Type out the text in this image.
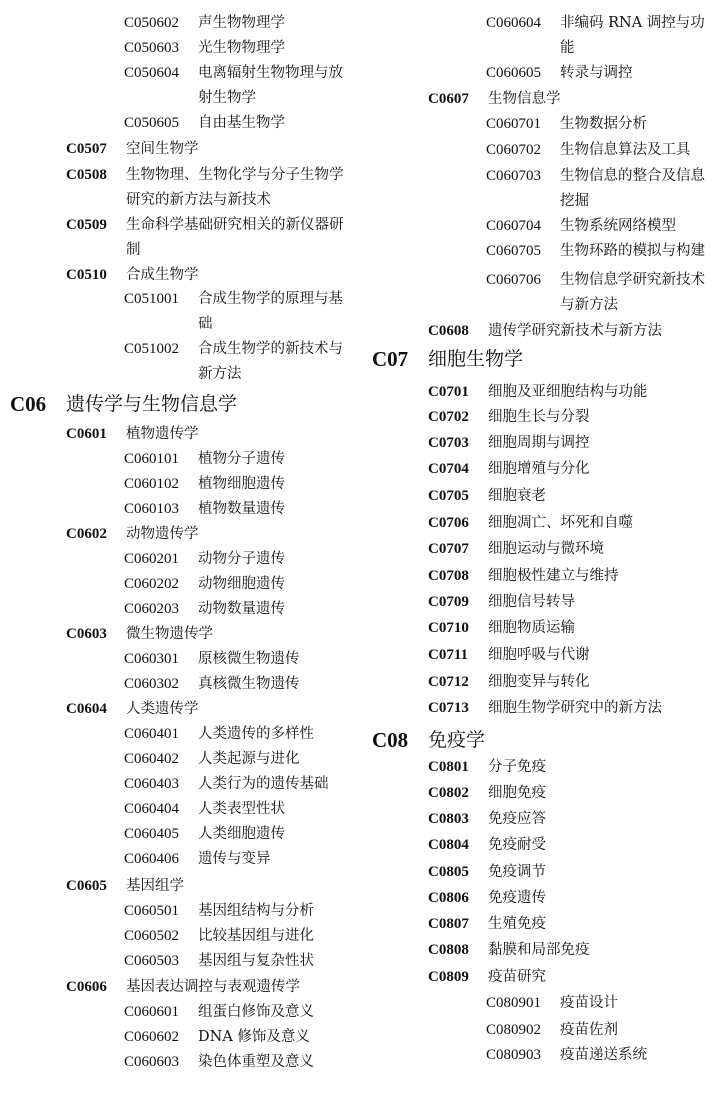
C050602 声生物物理学
C050603 光生物物理学
C050604 电离辐射生物物理与放射生物学
C050605 自由基生物学
C0507 空间生物学
C0508 生物物理、生物化学与分子生物学研究的新方法与新技术
C0509 生命科学基础研究相关的新仪器研制
C0510 合成生物学
C051001 合成生物学的原理与基础
C051002 合成生物学的新技术与新方法
C06 遗传学与生物信息学
C0601 植物遗传学
C060101 植物分子遗传
C060102 植物细胞遗传
C060103 植物数量遗传
C0602 动物遗传学
C060201 动物分子遗传
C060202 动物细胞遗传
C060203 动物数量遗传
C0603 微生物遗传学
C060301 原核微生物遗传
C060302 真核微生物遗传
C0604 人类遗传学
C060401 人类遗传的多样性
C060402 人类起源与进化
C060403 人类行为的遗传基础
C060404 人类表型性状
C060405 人类细胞遗传
C060406 遗传与变异
C0605 基因组学
C060501 基因组结构与分析
C060502 比较基因组与进化
C060503 基因组与复杂性状
C0606 基因表达调控与表观遗传学
C060601 组蛋白修饰及意义
C060602 DNA 修饰及意义
C060603 染色体重塑及意义
C060604 非编码 RNA 调控与功能
C060605 转录与调控
C0607 生物信息学
C060701 生物数据分析
C060702 生物信息算法及工具
C060703 生物信息的整合及信息挖掘
C060704 生物系统网络模型
C060705 生物环路的模拟与构建
C060706 生物信息学研究新技术与新方法
C0608 遗传学研究新技术与新方法
C07 细胞生物学
C0701 细胞及亚细胞结构与功能
C0702 细胞生长与分裂
C0703 细胞周期与调控
C0704 细胞增殖与分化
C0705 细胞衰老
C0706 细胞凋亡、坏死和自噬
C0707 细胞运动与微环境
C0708 细胞极性建立与维持
C0709 细胞信号转导
C0710 细胞物质运输
C0711 细胞呼吸与代谢
C0712 细胞变异与转化
C0713 细胞生物学研究中的新方法
C08 免疫学
C0801 分子免疫
C0802 细胞免疫
C0803 免疫应答
C0804 免疫耐受
C0805 免疫调节
C0806 免疫遗传
C0807 生殖免疫
C0808 黏膜和局部免疫
C0809 疫苗研究
C080901 疫苗设计
C080902 疫苗佐剂
C080903 疫苗递送系统
